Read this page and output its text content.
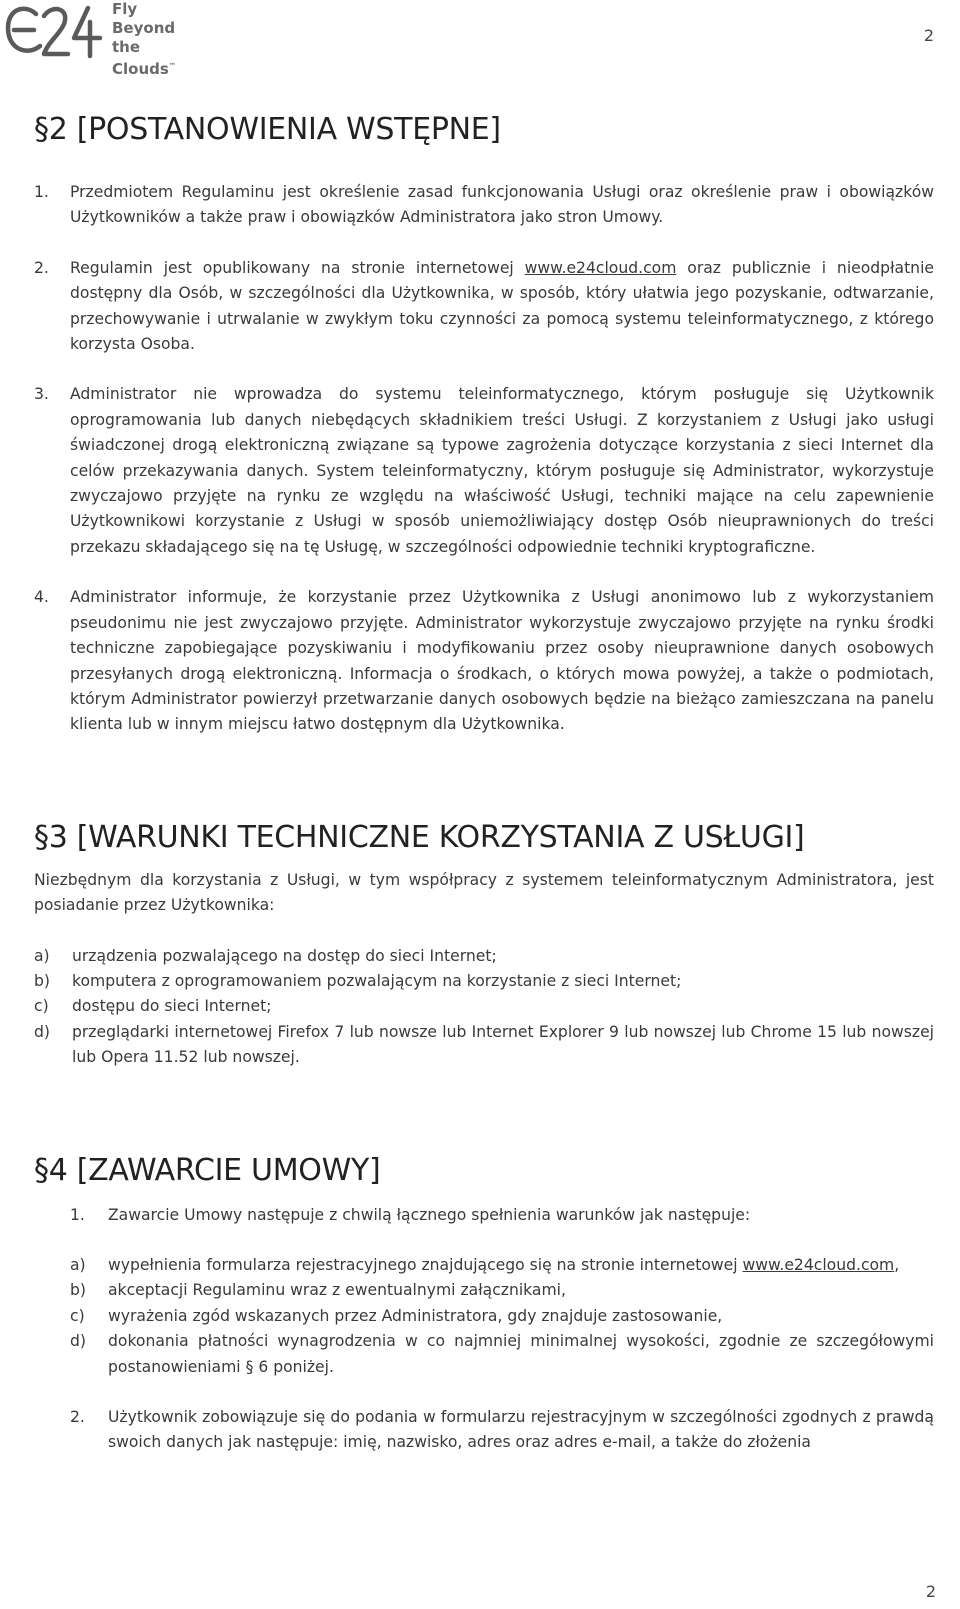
Fly
Beyond
the Clouds™
2
§2 [POSTANOWIENIA WSTĘPNE]
1.	Przedmiotem Regulaminu jest określenie zasad funkcjonowania Usługi oraz określenie praw i obowiązków Użytkowników a także praw i obowiązków Administratora jako stron Umowy.
2.	Regulamin jest opublikowany na stronie internetowej www.e24cloud.com oraz publicznie i nieodpłatnie dostępny dla Osób, w szczególności dla Użytkownika, w sposób, który ułatwia jego pozyskanie, odtwarzanie, przechowywanie i utrwalanie w zwykłym toku czynności za pomocą systemu teleinformatycznego, z którego korzysta Osoba.
3.	Administrator nie wprowadza do systemu teleinformatycznego, którym posługuje się Użytkownik oprogramowania lub danych niebędących składnikiem treści Usługi. Z korzystaniem z Usługi jako usługi świadczonej drogą elektroniczną związane są typowe zagrożenia dotyczące korzystania z sieci Internet dla celów przekazywania danych. System teleinformatyczny, którym posługuje się Administrator, wykorzystuje zwyczajowo przyjęte na rynku ze względu na właściwość Usługi, techniki mające na celu zapewnienie Użytkownikowi korzystanie z Usługi w sposób uniemożliwiający dostęp Osób nieuprawnionych do treści przekazu składającego się na tę Usługę, w szczególności odpowiednie techniki kryptograficzne.
4.	Administrator informuje, że korzystanie przez Użytkownika z Usługi anonimowo lub z wykorzystaniem pseudonimu nie jest zwyczajowo przyjęte. Administrator wykorzystuje zwyczajowo przyjęte na rynku środki techniczne zapobiegające pozyskiwaniu i modyfikowaniu przez osoby nieuprawnione danych osobowych przesyłanych drogą elektroniczną. Informacja o środkach, o których mowa powyżej, a także o podmiotach, którym Administrator powierzył przetwarzanie danych osobowych będzie na bieżąco zamieszczana na panelu klienta lub w innym miejscu łatwo dostępnym dla Użytkownika.
§3 [WARUNKI TECHNICZNE KORZYSTANIA Z USŁUGI]

Niezbędnym dla korzystania z Usługi, w tym współpracy z systemem teleinformatycznym Administratora, jest posiadanie przez Użytkownika:

a)	urządzenia pozwalającego na dostęp do sieci Internet;
b)	komputera z oprogramowaniem pozwalającym na korzystanie z sieci Internet;
c)	dostępu do sieci Internet;
d)	przeglądarki internetowej Firefox 7 lub nowsze lub Internet Explorer 9 lub nowszej lub Chrome 15 lub nowszej lub Opera 11.52 lub nowszej.
§4 [ZAWARCIE UMOWY]
1.	Zawarcie Umowy następuje z chwilą łącznego spełnienia warunków jak następuje:
a)	wypełnienia formularza rejestracyjnego znajdującego się na stronie internetowej www.e24cloud.com,
b)	akceptacji Regulaminu wraz z ewentualnymi załącznikami,
c)	wyrażenia zgód wskazanych przez Administratora, gdy znajduje zastosowanie,
d)	dokonania płatności wynagrodzenia w co najmniej minimalnej wysokości, zgodnie ze szczegółowymi postanowieniami § 6 poniżej.
2.	Użytkownik zobowiązuje się do podania w formularzu rejestracyjnym w szczególności zgodnych z prawdą swoich danych jak następuje: imię, nazwisko, adres oraz adres e-mail, a także do złożenia
2
